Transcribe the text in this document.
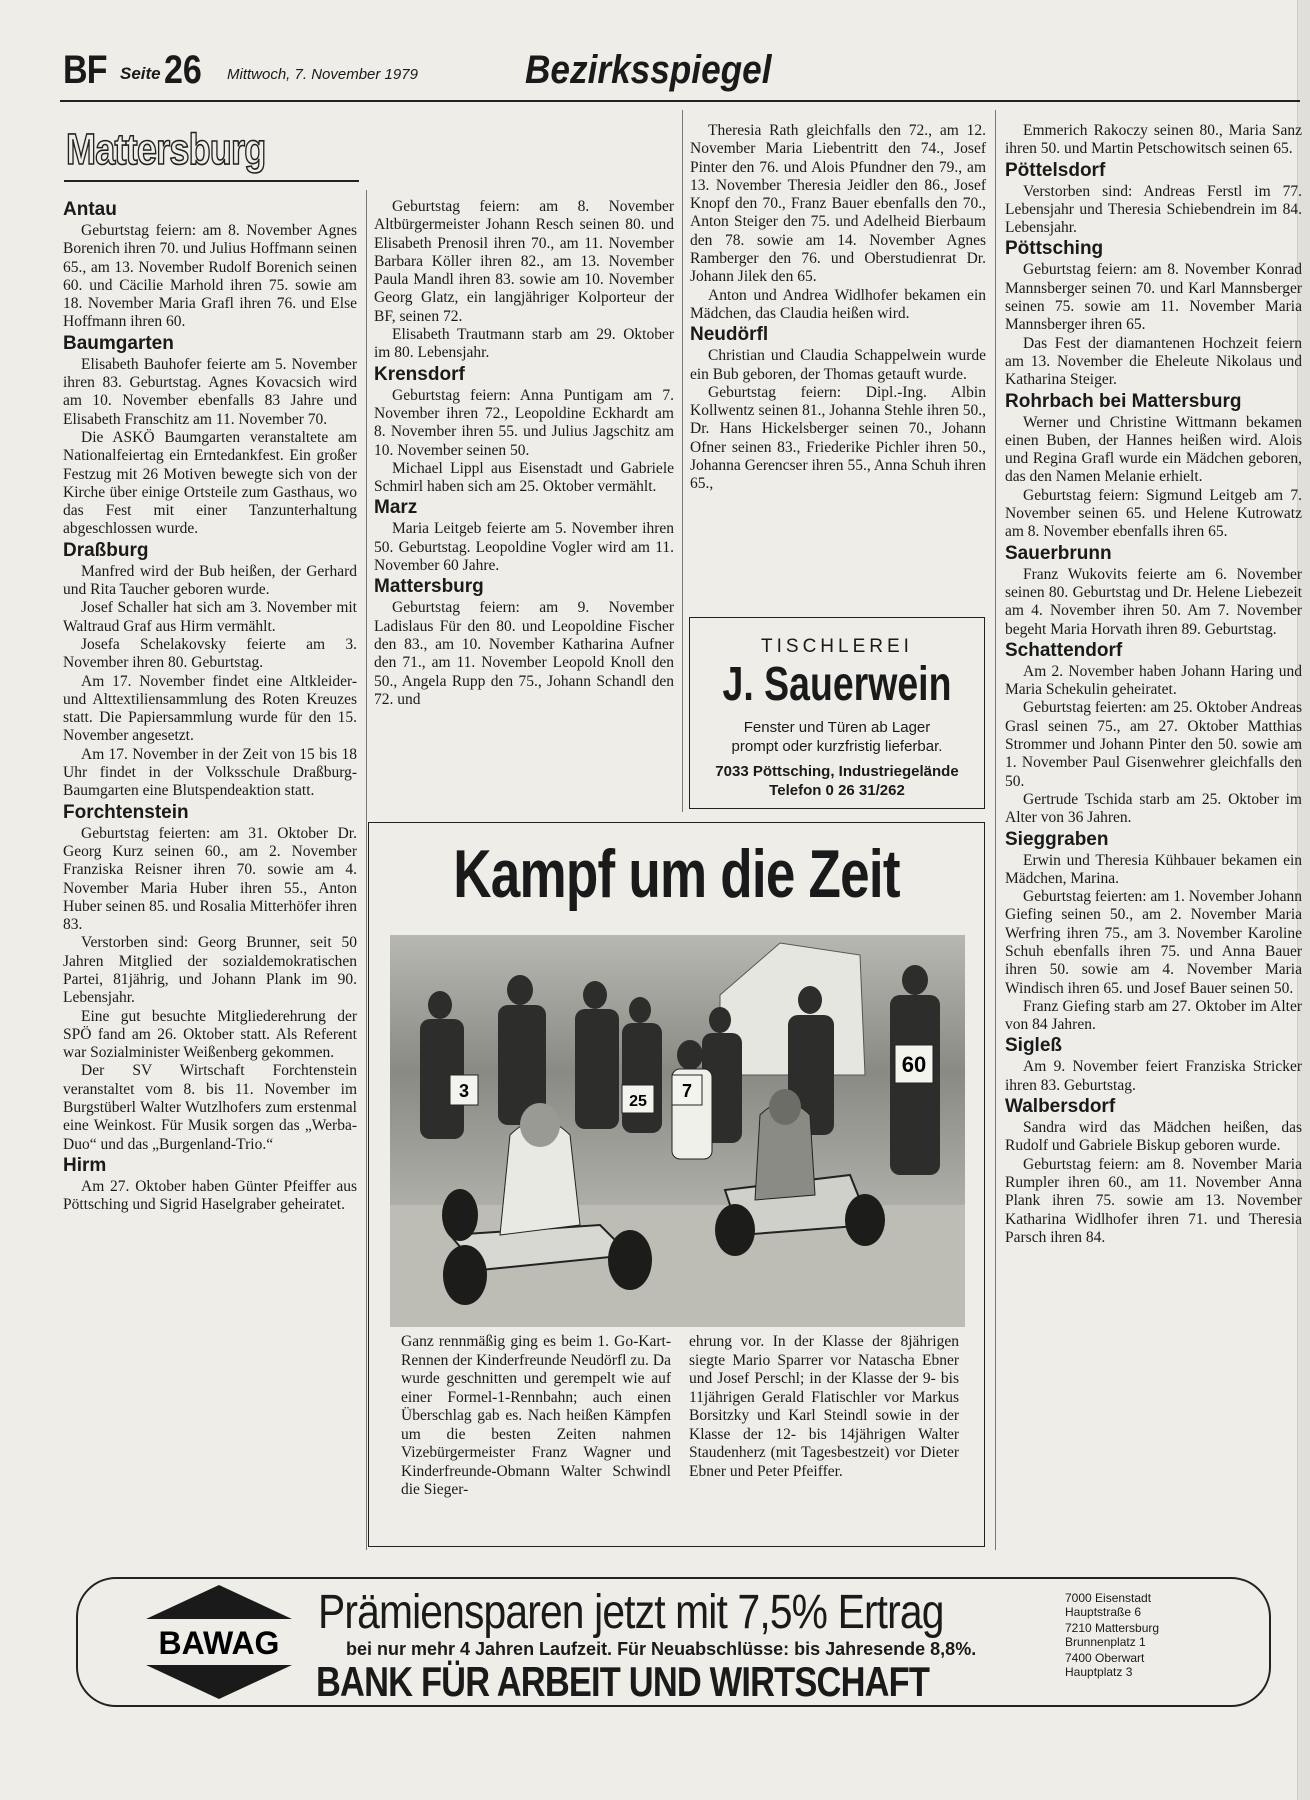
BF Seite 26 Mittwoch, 7. November 1979	Bezirksspiegel
Mattersburg
Antau

Geburtstag feiern: am 8. November Agnes Borenich ihren 70. und Julius Hoffmann seinen 65., am 13. November Rudolf Borenich seinen 60. und Cäcilie Marhold ihren 75. sowie am 18. November Maria Grafl ihren 76. und Else Hoffmann ihren 60.

Baumgarten

Elisabeth Bauhofer feierte am 5. November ihren 83. Geburtstag. Agnes Kovacsich wird am 10. November ebenfalls 83 Jahre und Elisabeth Franschitz am 11. November 70.

Die ASKÖ Baumgarten veranstaltete am Nationalfeiertag ein Erntedankfest. Ein großer Festzug mit 26 Motiven bewegte sich von der Kirche über einige Ortsteile zum Gasthaus, wo das Fest mit einer Tanzunterhaltung abgeschlossen wurde.

Draßburg

Manfred wird der Bub heißen, der Gerhard und Rita Taucher geboren wurde.

Josef Schaller hat sich am 3. November mit Waltraud Graf aus Hirm vermählt.

Josefa Schelakovsky feierte am 3. November ihren 80. Geburtstag.

Am 17. November findet eine Altkleider- und Alttextiliensammlung des Roten Kreuzes statt. Die Papiersammlung wurde für den 15. November angesetzt.

Am 17. November in der Zeit von 15 bis 18 Uhr findet in der Volksschule Draßburg-Baumgarten eine Blutspendeaktion statt.

Forchtenstein

Geburtstag feierten: am 31. Oktober Dr. Georg Kurz seinen 60., am 2. November Franziska Reisner ihren 70. sowie am 4. November Maria Huber ihren 55., Anton Huber seinen 85. und Rosalia Mitterhöfer ihren 83.

Verstorben sind: Georg Brunner, seit 50 Jahren Mitglied der sozialdemokratischen Partei, 81jährig, und Johann Plank im 90. Lebensjahr.

Eine gut besuchte Mitgliederehrung der SPÖ fand am 26. Oktober statt. Als Referent war Sozialminister Weißenberg gekommen.

Der SV Wirtschaft Forchtenstein veranstaltet vom 8. bis 11. November im Burgstüberl Walter Wutzlhofers zum erstenmal eine Weinkost. Für Musik sorgen das „Werba-Duo“ und das „Burgenland-Trio.“

Hirm

Am 27. Oktober haben Günter Pfeiffer aus Pöttsching und Sigrid Haselgraber geheiratet.

Geburtstag feiern: am 8. November Altbürgermeister Johann Resch seinen 80. und Elisabeth Prenosil ihren 70., am 11. November Barbara Köller ihren 82., am 13. November Paula Mandl ihren 83. sowie am 10. November Georg Glatz, ein langjähriger Kolporteur der BF, seinen 72.

Elisabeth Trautmann starb am 29. Oktober im 80. Lebensjahr.

Krensdorf

Geburtstag feiern: Anna Puntigam am 7. November ihren 72., Leopoldine Eckhardt am 8. November ihren 55. und Julius Jagschitz am 10. November seinen 50.

Michael Lippl aus Eisenstadt und Gabriele Schmirl haben sich am 25. Oktober vermählt.

Marz

Maria Leitgeb feierte am 5. November ihren 50. Geburtstag. Leopoldine Vogler wird am 11. November 60 Jahre.

Mattersburg

Geburtstag feiern: am 9. November Ladislaus Für den 80. und Leopoldine Fischer den 83., am 10. November Katharina Aufner den 71., am 11. November Leopold Knoll den 50., Angela Rupp den 75., Johann Schandl den 72. und

Theresia Rath gleichfalls den 72., am 12. November Maria Liebentritt den 74., Josef Pinter den 76. und Alois Pfundner den 79., am 13. November Theresia Jeidler den 86., Josef Knopf den 70., Franz Bauer ebenfalls den 70., Anton Steiger den 75. und Adelheid Bierbaum den 78. sowie am 14. November Agnes Ramberger den 76. und Oberstudienrat Dr. Johann Jilek den 65.

Anton und Andrea Widlhofer bekamen ein Mädchen, das Claudia heißen wird.

Neudörfl

Christian und Claudia Schappelwein wurde ein Bub geboren, der Thomas getauft wurde.

Geburtstag feiern: Dipl.-Ing. Albin Kollwentz seinen 81., Johanna Stehle ihren 50., Dr. Hans Hickelsberger seinen 70., Johann Ofner seinen 83., Friederike Pichler ihren 50., Johanna Gerencser ihren 55., Anna Schuh ihren 65.,

Emmerich Rakoczy seinen 80., Maria Sanz ihren 50. und Martin Petschowitsch seinen 65.

Pöttelsdorf

Verstorben sind: Andreas Ferstl im 77. Lebensjahr und Theresia Schiebendrein im 84. Lebensjahr.

Pöttsching

Geburtstag feiern: am 8. November Konrad Mannsberger seinen 70. und Karl Mannsberger seinen 75. sowie am 11. November Maria Mannsberger ihren 65.

Das Fest der diamantenen Hochzeit feiern am 13. November die Eheleute Nikolaus und Katharina Steiger.

Rohrbach bei Mattersburg

Werner und Christine Wittmann bekamen einen Buben, der Hannes heißen wird. Alois und Regina Grafl wurde ein Mädchen geboren, das den Namen Melanie erhielt.

Geburtstag feiern: Sigmund Leitgeb am 7. November seinen 65. und Helene Kutrowatz am 8. November ebenfalls ihren 65.

Sauerbrunn

Franz Wukovits feierte am 6. November seinen 80. Geburtstag und Dr. Helene Liebezeit am 4. November ihren 50. Am 7. November begeht Maria Horvath ihren 89. Geburtstag.

Schattendorf

Am 2. November haben Johann Haring und Maria Schekulin geheiratet.

Geburtstag feierten: am 25. Oktober Andreas Grasl seinen 75., am 27. Oktober Matthias Strommer und Johann Pinter den 50. sowie am 1. November Paul Gisenwehrer gleichfalls den 50.

Gertrude Tschida starb am 25. Oktober im Alter von 36 Jahren.

Sieggraben

Erwin und Theresia Kühbauer bekamen ein Mädchen, Marina.

Geburtstag feierten: am 1. November Johann Giefing seinen 50., am 2. November Maria Werfring ihren 75., am 3. November Karoline Schuh ebenfalls ihren 75. und Anna Bauer ihren 50. sowie am 4. November Maria Windisch ihren 65. und Josef Bauer seinen 50.

Franz Giefing starb am 27. Oktober im Alter von 84 Jahren.

Sigleß

Am 9. November feiert Franziska Stricker ihren 83. Geburtstag.

Walbersdorf

Sandra wird das Mädchen heißen, das Rudolf und Gabriele Biskup geboren wurde.

Geburtstag feiern: am 8. November Maria Rumpler ihren 60., am 11. November Anna Plank ihren 75. sowie am 13. November Katharina Widlhofer ihren 71. und Theresia Parsch ihren 84.

TISCHLEREI
J. Sauerwein
Fenster und Türen ab Lager
prompt oder kurzfristig lieferbar.
7033 Pöttsching, Industriegelände
Telefon 0 26 31/262
Kampf um die Zeit
25
3	7
60
Ganz rennmäßig ging es beim 1. Go-Kart-Rennen der Kinderfreunde Neudörfl zu. Da wurde geschnitten und gerempelt wie auf einer Formel-1-Rennbahn; auch einen Überschlag gab es. Nach heißen Kämpfen um die besten Zeiten nahmen Vizebürgermeister Franz Wagner und Kinderfreunde-Obmann Walter Schwindl die Sieger-
ehrung vor. In der Klasse der 8jährigen siegte Mario Sparrer vor Natascha Ebner und Josef Perschl; in der Klasse der 9- bis 11jährigen Gerald Flatischler vor Markus Borsitzky und Karl Steindl sowie in der Klasse der 12- bis 14jährigen Walter Staudenherz (mit Tagesbestzeit) vor Dieter Ebner und Peter Pfeiffer.
BAWAG
Prämiensparen jetzt mit 7,5% Ertrag
bei nur mehr 4 Jahren Laufzeit. Für Neuabschlüsse: bis Jahresende 8,8%.
BANK FÜR ARBEIT UND WIRTSCHAFT
7000 Eisenstadt
Hauptstraße 6
7210 Mattersburg
Brunnenplatz 1
7400 Oberwart
Hauptplatz 3
